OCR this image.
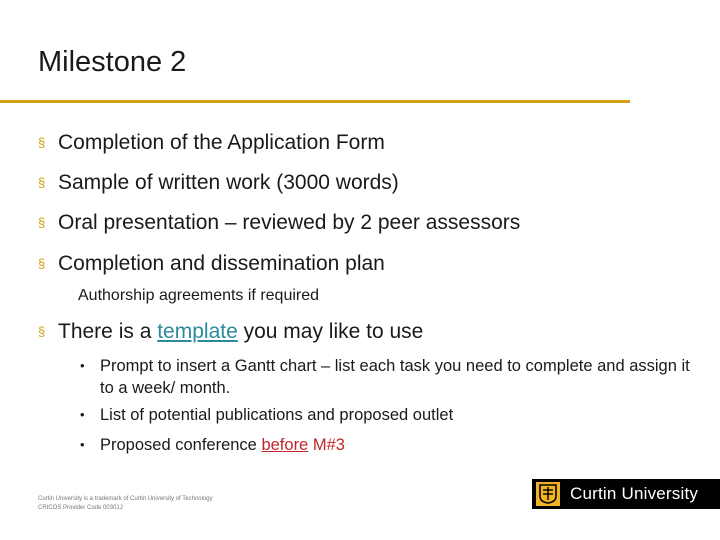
Milestone 2
§ Completion of the Application Form
§ Sample of written work (3000 words)
§ Oral presentation – reviewed by 2 peer assessors
§ Completion and dissemination plan
Authorship agreements if required
§ There is a template you may like to use
• Prompt to insert a Gantt chart – list each task you need to complete and assign it to a week/ month.
• List of potential publications and proposed outlet
• Proposed conference before M#3
Curtin University is a trademark of Curtin University of Technology
CRICOS Provider Code 00301J
Curtin University
